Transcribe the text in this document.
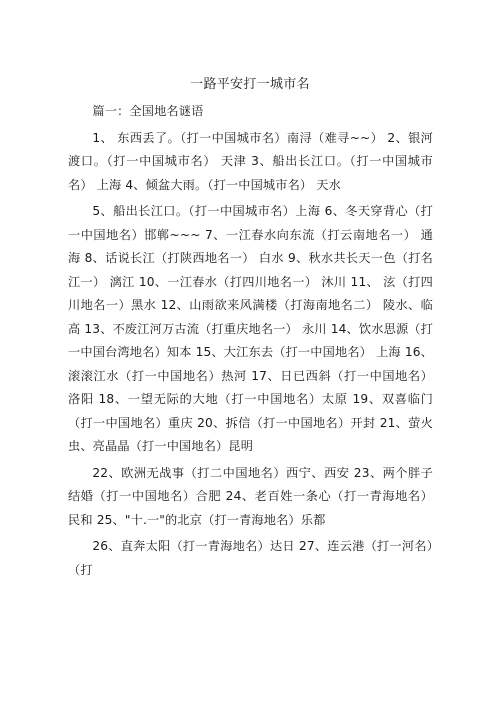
一路平安打一城市名

篇一：全国地名谜语

1、 东西丢了。（打一中国城市名）南浔（难寻~~） 2、银河渡口。（打一中国城市名） 天津 3、船出长江口。（打一中国城市名） 上海 4、倾盆大雨。（打一中国城市名） 天水

5、船出长江口。（打一中国城市名）上海 6、冬天穿背心（打一中国地名）邯郸~~~ 7、一江春水向东流（打云南地名一） 通海 8、话说长江（打陕西地名一） 白水 9、秋水共长天一色（打名江一） 漓江 10、一江春水（打四川地名一） 沐川 11、 泫（打四川地名一）黑水 12、山雨欲来风满楼（打海南地名二） 陵水、临高 13、不废江河万古流（打重庆地名一） 永川 14、饮水思源（打一中国台湾地名）知本 15、大江东去（打一中国地名） 上海 16、滚滚江水（打一中国地名）热河 17、日已西斜（打一中国地名）洛阳 18、一望无际的大地（打一中国地名）太原 19、双喜临门（打一中国地名）重庆 20、拆信（打一中国地名）开封 21、萤火虫、亮晶晶（打一中国地名）昆明

22、欧洲无战事（打二中国地名）西宁、西安 23、两个胖子结婚（打一中国地名）合肥 24、老百姓一条心（打一青海地名）民和 25、"十.一"的北京（打一青海地名）乐都

26、直奔太阳（打一青海地名）达日 27、连云港（打一河名）（打
